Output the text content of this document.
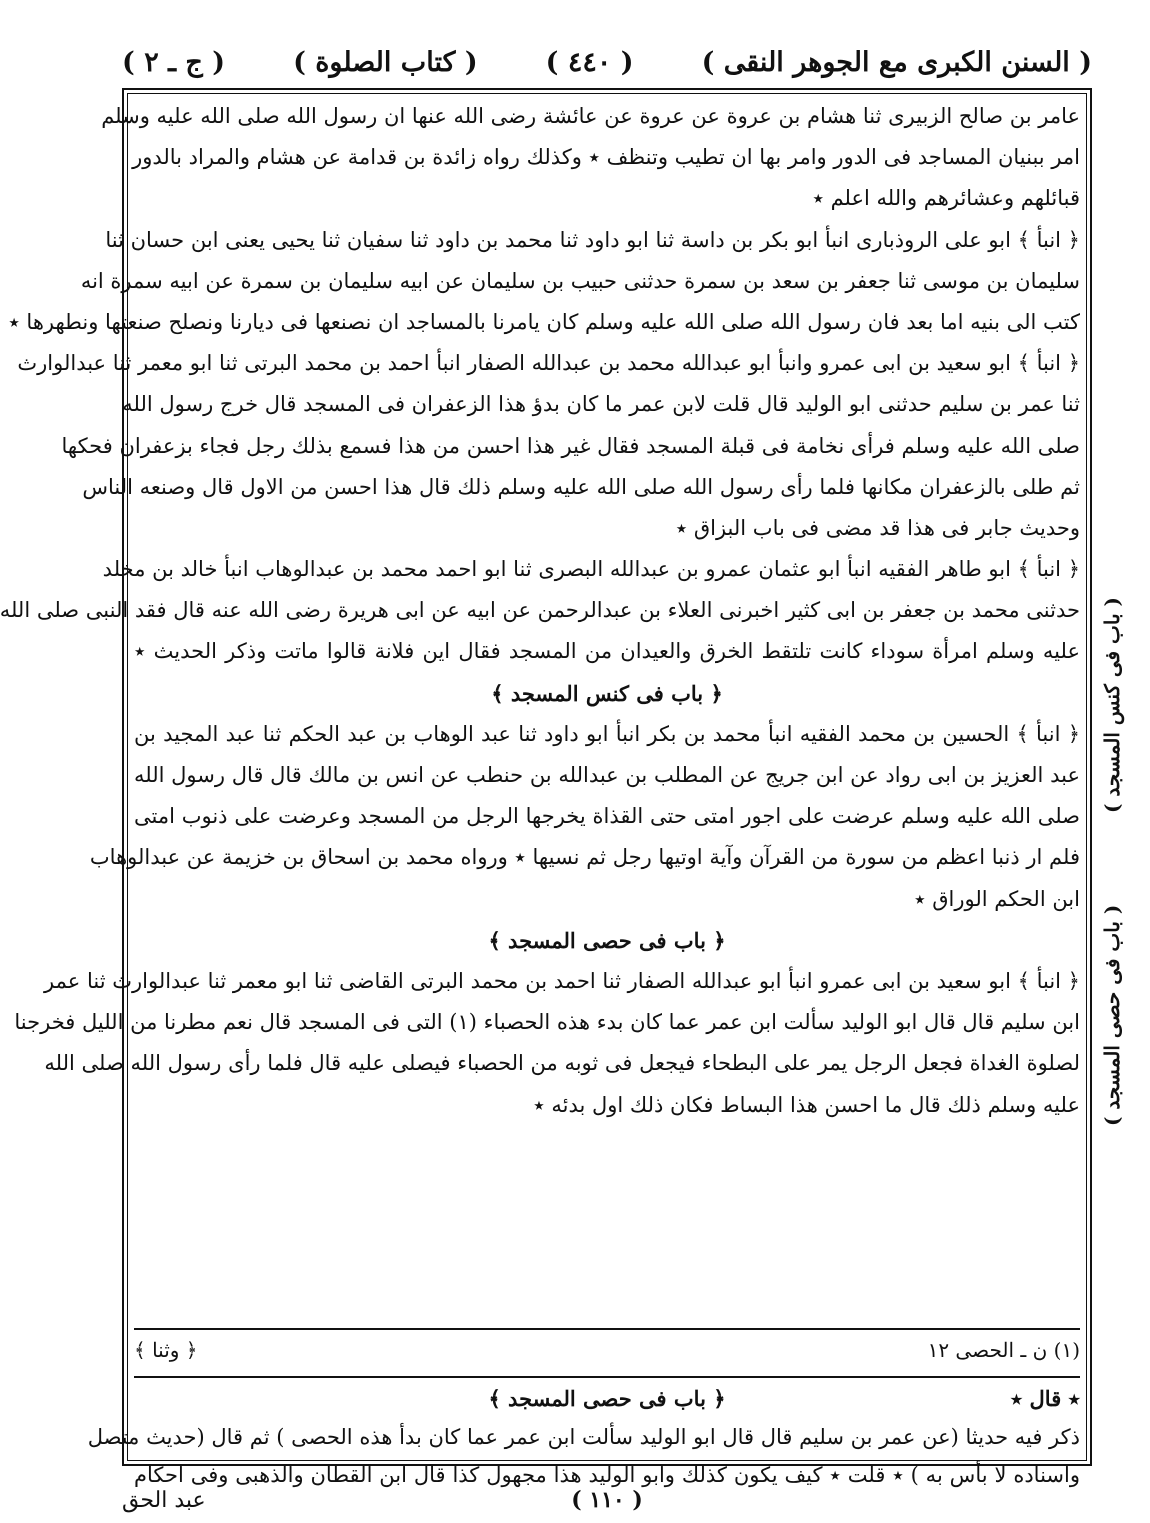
( السنن الكبرى مع الجوهر النقى )
( ٤٤٠ )
( كتاب الصلوة )
( ج ـ ٢ )
عامر بن صالح الزبيرى ثنا هشام بن عروة عن عروة عن عائشة رضى الله عنها ان رسول الله صلى الله عليه وسلم
امر ببنيان المساجد فى الدور وامر بها ان تطيب وتنظف ٭ وكذلك رواه زائدة بن قدامة عن هشام والمراد بالدور
قبائلهم وعشائرهم والله اعلم ٭
﴿ انبأ ﴾ ابو على الروذبارى انبأ ابو بكر بن داسة ثنا ابو داود ثنا محمد بن داود ثنا سفيان ثنا يحيى يعنى ابن حسان ثنا
سليمان بن موسى ثنا جعفر بن سعد بن سمرة حدثنى حبيب بن سليمان عن ابيه سليمان بن سمرة عن ابيه سمرة انه
كتب الى بنيه اما بعد فان رسول الله صلى الله عليه وسلم كان يامرنا بالمساجد ان نصنعها فى ديارنا ونصلح صنعتها ونطهرها ٭
﴿ انبأ ﴾ ابو سعيد بن ابى عمرو وانبأ ابو عبدالله محمد بن عبدالله الصفار انبأ احمد بن محمد البرتى ثنا ابو معمر ثنا عبدالوارث
ثنا عمر بن سليم حدثنى ابو الوليد قال قلت لابن عمر ما كان بدؤ هذا الزعفران فى المسجد قال خرج رسول الله
صلى الله عليه وسلم فرأى نخامة فى قبلة المسجد فقال غير هذا احسن من هذا فسمع بذلك رجل فجاء بزعفران فحكها
ثم طلى بالزعفران مكانها فلما رأى رسول الله صلى الله عليه وسلم ذلك قال هذا احسن من الاول قال وصنعه الناس
وحديث جابر فى هذا قد مضى فى باب البزاق ٭
﴿ انبأ ﴾ ابو طاهر الفقيه انبأ ابو عثمان عمرو بن عبدالله البصرى ثنا ابو احمد محمد بن عبدالوهاب انبأ خالد بن مخلد
حدثنى محمد بن جعفر بن ابى كثير اخبرنى العلاء بن عبدالرحمن عن ابيه عن ابى هريرة رضى الله عنه قال فقد النبى صلى الله
عليه وسلم امرأة سوداء كانت تلتقط الخرق والعيدان من المسجد فقال اين فلانة قالوا ماتت وذكر الحديث ٭
﴿ باب فى كنس المسجد ﴾
﴿ انبأ ﴾ الحسين بن محمد الفقيه انبأ محمد بن بكر انبأ ابو داود ثنا عبد الوهاب بن عبد الحكم ثنا عبد المجيد بن
عبد العزيز بن ابى رواد عن ابن جريج عن المطلب بن عبدالله بن حنطب عن انس بن مالك قال قال رسول الله
صلى الله عليه وسلم عرضت على اجور امتى حتى القذاة يخرجها الرجل من المسجد وعرضت على ذنوب امتى
فلم ار ذنبا اعظم من سورة من القرآن وآية اوتيها رجل ثم نسيها ٭ ورواه محمد بن اسحاق بن خزيمة عن عبدالوهاب
ابن الحكم الوراق ٭
﴿ باب فى حصى المسجد ﴾
﴿ انبأ ﴾ ابو سعيد بن ابى عمرو انبأ ابو عبدالله الصفار ثنا احمد بن محمد البرتى القاضى ثنا ابو معمر ثنا عبدالوارث ثنا عمر
ابن سليم قال قال ابو الوليد سألت ابن عمر عما كان بدء هذه الحصباء (١) التى فى المسجد قال نعم مطرنا من الليل فخرجنا
لصلوة الغداة فجعل الرجل يمر على البطحاء فيجعل فى ثوبه من الحصباء فيصلى عليه قال فلما رأى رسول الله صلى الله
عليه وسلم ذلك قال ما احسن هذا البساط فكان ذلك اول بدئه ٭
(١) ن ـ الحصى ١٢
﴿ وثنا ﴾
٭ قال ٭
﴿ باب فى حصى المسجد ﴾
ذكر فيه حديثا (عن عمر بن سليم قال قال ابو الوليد سألت ابن عمر عما كان بدأ هذه الحصى ) ثم قال (حديث متصل
واسناده لا بأس به ) ٭ قلت ٭ كيف يكون كذلك وابو الوليد هذا مجهول كذا قال ابن القطان والذهبى وفى احكام
( باب فى كنس المسجد )
( باب فى حصى المسجد )
( ١١٠ )
عبد الحق
